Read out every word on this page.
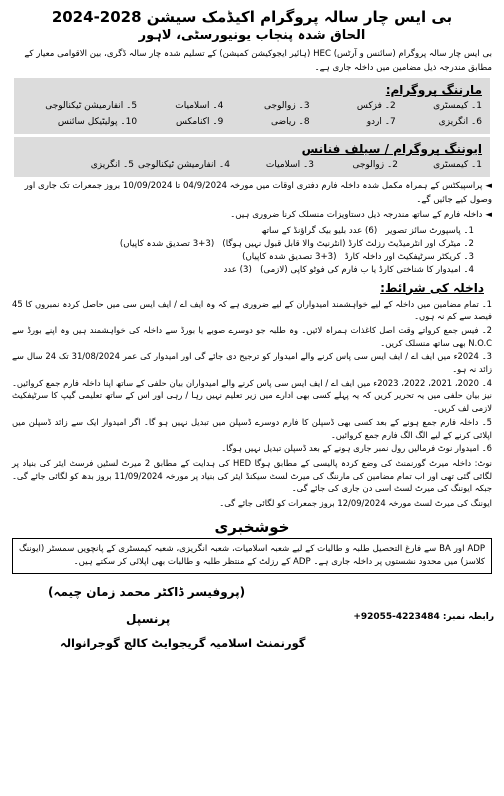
بی ایس چار سالہ پروگرام اکیڈمک سیشن 2028-2024
الحاق شدہ پنجاب یونیورسٹی، لاہور
بی ایس چار سالہ پروگرام (سائنس و آرٹس) HEC (ہائیر ایجوکیشن کمیشن) کے تسلیم شدہ چار سالہ ڈگری، بین الاقوامی معیار کے مطابق مندرجہ ذیل مضامین میں داخلہ جاری ہے۔
مارننگ پروگرام:
1۔ کیمسٹری
2۔ فزکس
3۔ زوالوجی
4۔ اسلامیات
5۔ انفارمیشن ٹیکنالوجی
6۔ انگریزی
7۔ اردو
8۔ ریاضی
9۔ اکنامکس
10۔ پولیٹیکل سائنس
ایوننگ پروگرام / سیلف فنانس
1۔ کیمسٹری
2۔ زوالوجی
3۔ اسلامیات
4۔ انفارمیشن ٹیکنالوجی
5۔ انگریزی
◄پراسپیکٹس کے ہمراہ مکمل شدہ داخلہ فارم دفتری اوقات میں مورخہ 04/9/2024 تا 10/09/2024 بروز جمعرات تک جاری اور وصول کیے جائیں گے۔
◄داخلہ فارم کے ساتھ مندرجہ ذیل دستاویزات منسلک کرنا ضروری ہیں۔
1۔ پاسپورٹ سائز تصویر   (6) عدد بلیو بیک گراؤنڈ کے ساتھ
2۔ میٹرک اور انٹرمیڈیٹ رزلٹ کارڈ (انٹرنیٹ والا قابل قبول نہیں ہوگا)   (3+3 تصدیق شدہ کاپیاں)
3۔ کریکٹر سرٹیفکیٹ اور داخلہ کارڈ   (3+3 تصدیق شدہ کاپیاں)
4۔ امیدوار کا شناختی کارڈ یا ب فارم کی فوٹو کاپی (لازمی)   (3) عدد
داخلہ کی شرائط:
1۔ تمام مضامین میں داخلہ کے لیے خواہشمند امیدواران کے لیے ضروری ہے کہ وہ ایف اے / ایف ایس سی میں حاصل کردہ نمبروں کا 45 فیصد سے کم نہ ہوں۔
2۔ فیس جمع کرواتے وقت اصل کاغذات ہمراہ لائیں۔ وہ طلبہ جو دوسرے صوبے یا بورڈ سے داخلہ کی خواہشمند ہیں وہ اپنے بورڈ سے N.O.C بھی ساتھ منسلک کریں۔
3۔ 2024ء میں ایف اے / ایف ایس سی پاس کرنے والے امیدوار کو ترجیح دی جائے گی اور امیدوار کی عمر 31/08/2024 تک 24 سال سے زائد نہ ہو۔
4۔ 2020، 2021، 2022، 2023ء میں ایف اے / ایف ایس سی پاس کرنے والے امیدواران بیان حلفی کے ساتھ اپنا داخلہ فارم جمع کروائیں۔ نیز بیان حلفی میں یہ تحریر کریں کہ یہ پہلے کسی بھی ادارے میں زیر تعلیم نہیں رہا / رہی اور اس کے ساتھ تعلیمی گیپ کا سرٹیفکیٹ لازمی لف کریں۔
5۔ داخلہ فارم جمع ہونے کے بعد کسی بھی ڈسپلن کا فارم دوسرے ڈسپلن میں تبدیل نہیں ہو گا۔ اگر امیدوار ایک سے زائد ڈسپلن میں اپلائی کرنے کے لیے الگ الگ فارم جمع کروائیں۔
6۔ امیدوار نوٹ فرمالیں رول نمبر جاری ہونے کے بعد ڈسپلن تبدیل نہیں ہوگا۔
نوٹ: داخلہ میرٹ گورنمنٹ کی وضع کردہ پالیسی کے مطابق ہوگا HED کی ہدایت کے مطابق 2 میرٹ لسٹیں فرسٹ ایئر کی بنیاد پر لگائی گئی تھی اور اب تمام مضامین کی مارننگ کی میرٹ لسٹ سیکنڈ ایئر کی بنیاد پر مورخہ 11/09/2024 بروز بدھ کو لگائی جائے گی۔ جبکہ ایوننگ کی میرٹ لسٹ اسی دن جاری کی جائے گی۔
ایوننگ کی میرٹ لسٹ مورخہ 12/09/2024 بروز جمعرات کو لگائی جائے گی۔
خوشخبری
ADP اور BA سے فارغ التحصیل طلبہ و طالبات کے لیے شعبہ اسلامیات، شعبہ انگریزی، شعبہ کیمسٹری کے پانچویں سمسٹر (ایوننگ کلاسز) میں محدود نشستوں پر داخلہ جاری ہے۔ ADP کے رزلٹ کے منتظر طلبہ و طالبات بھی اپلائی کر سکتے ہیں۔
(پروفیسر ڈاکٹر محمد زمان چیمہ)
پرنسپل
گورنمنٹ اسلامیہ گریجوایٹ کالج گوجرانوالہ
رابطہ نمبر: +92055-4223484
